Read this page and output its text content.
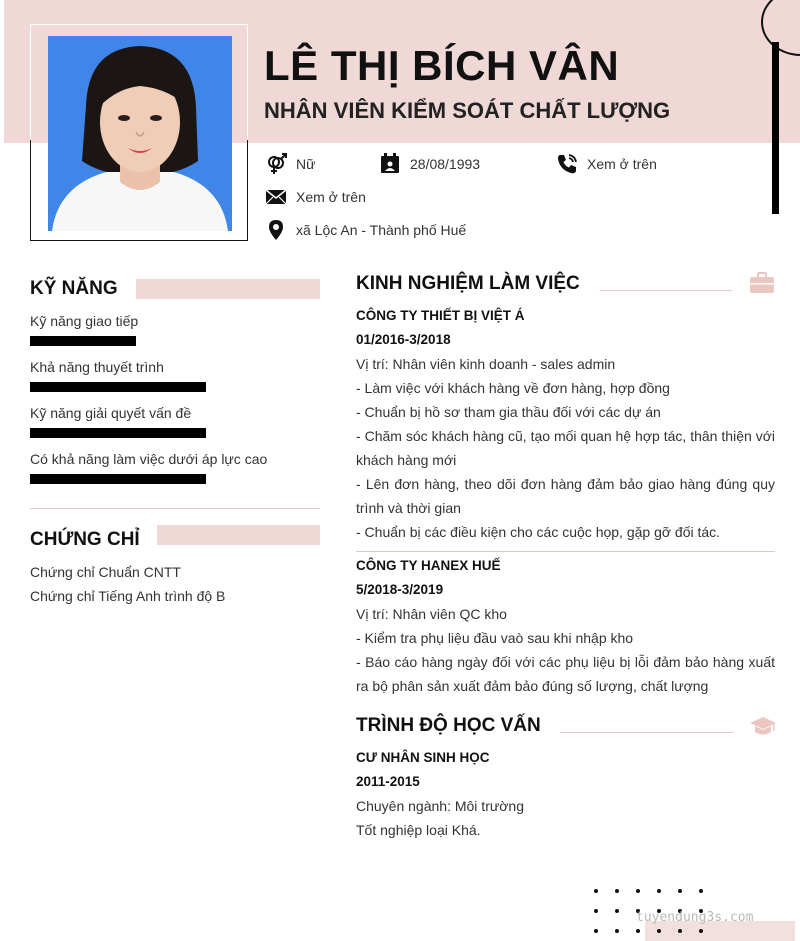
LÊ THỊ BÍCH VÂN
NHÂN VIÊN KIỂM SOÁT CHẤT LƯỢNG
Nữ	28/08/1993	Xem ở trên
Xem ở trên
xã Lộc An - Thành phố Huế
KỸ NĂNG
Kỹ năng giao tiếp
Khả năng thuyết trình
Kỹ năng giải quyết vấn đề
Có khả năng làm việc dưới áp lực cao
CHỨNG CHỈ
Chứng chỉ Chuẩn CNTT
Chứng chỉ Tiếng Anh trình độ B
KINH NGHIỆM LÀM VIỆC
CÔNG TY THIẾT BỊ VIỆT Á
01/2016-3/2018
Vị trí: Nhân viên kinh doanh - sales admin
- Làm việc với khách hàng về đơn hàng, hợp đồng
- Chuẩn bị hồ sơ tham gia thầu đối với các dự án
- Chăm sóc khách hàng cũ, tạo mối quan hệ hợp tác, thân thiện với khách hàng mới
- Lên đơn hàng, theo dõi đơn hàng đảm bảo giao hàng đúng quy trình và thời gian
- Chuẩn bị các điều kiện cho các cuộc họp, gặp gỡ đối tác.
CÔNG TY HANEX HUẾ
5/2018-3/2019
Vị trí: Nhân viên QC kho
- Kiểm tra phụ liệu đầu vaò sau khi nhập kho
- Báo cáo hàng ngày đối với các phụ liệu bị lỗi đảm bảo hàng xuất ra bộ phân sản xuất đảm bảo đúng số lượng, chất lượng
TRÌNH ĐỘ HỌC VẤN
CƯ NHÂN SINH HỌC
2011-2015
Chuyên ngành: Môi trường
Tốt nghiệp loại Khá.
tuyendung3s.com
